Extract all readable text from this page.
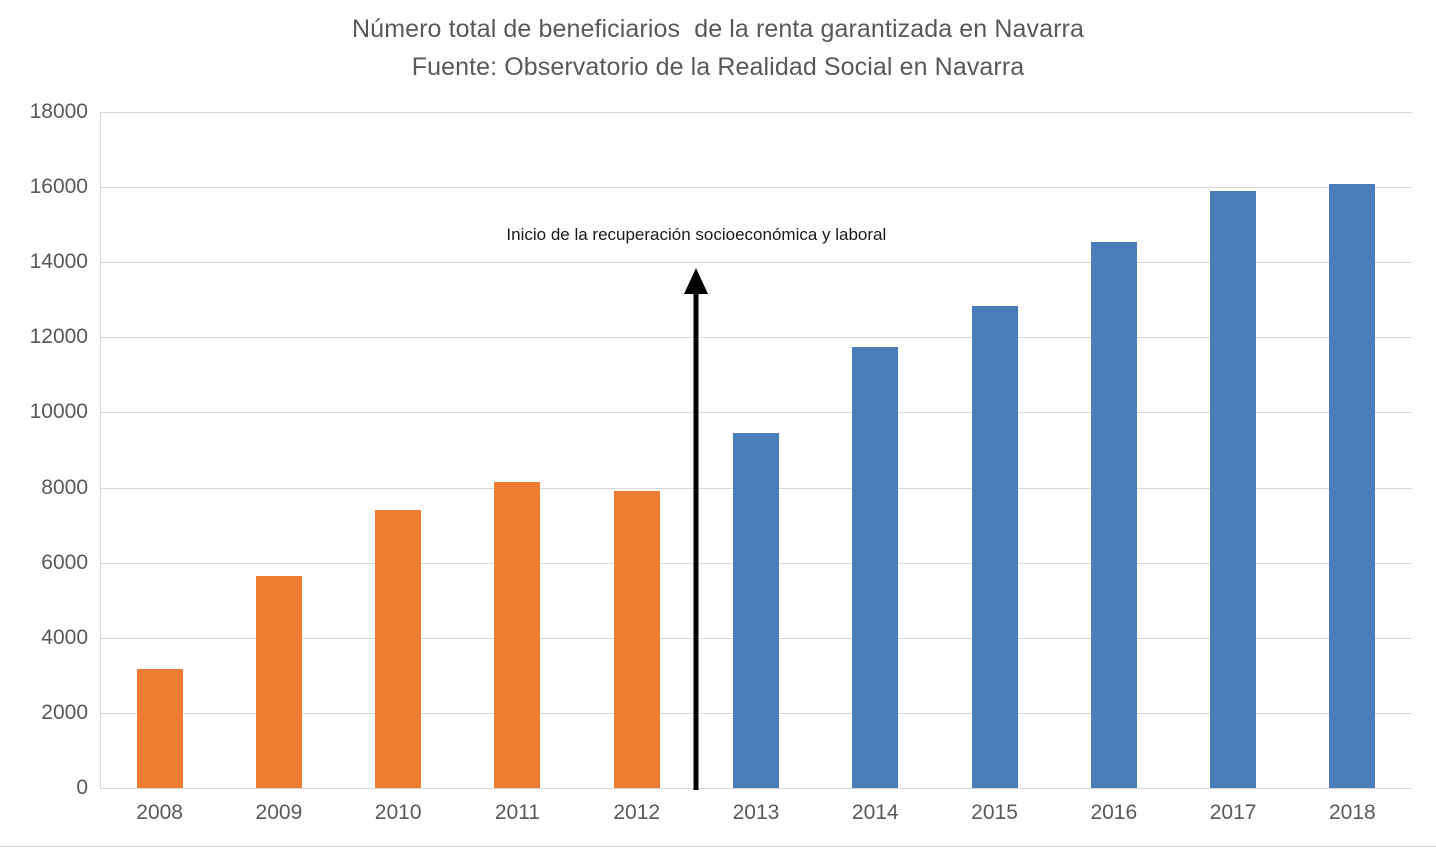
Número total de beneficiarios  de la renta garantizada en Navarra
Fuente: Observatorio de la Realidad Social en Navarra
0
2000
4000
6000
8000
10000
12000
14000
16000
18000
2008	2009	2010	2011	2012	2013	2014	2015	2016	2017	2018
Inicio de la recuperación socioeconómica y laboral
